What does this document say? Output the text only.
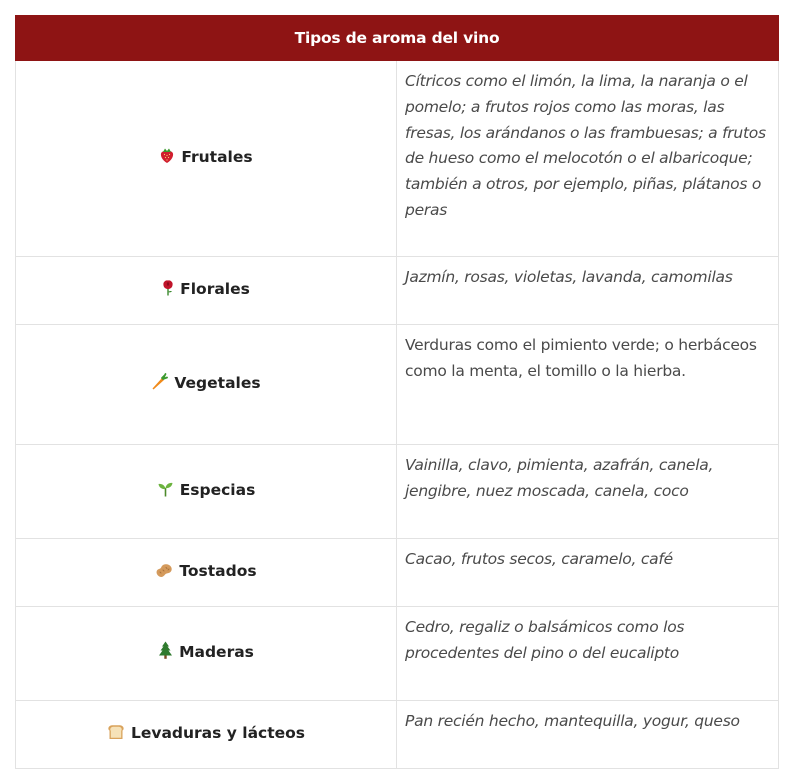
Tipos de aroma del vino	
Frutales	Cítricos como el limón, la lima, la naranja o el pomelo; a frutos rojos como las moras, las fresas, los arándanos o las frambuesas; a frutos de hueso como el melocotón o el albaricoque; también a otros, por ejemplo, piñas, plátanos o peras

Florales	Jazmín, rosas, violetas, lavanda, camomilas

Vegetales	Verduras como el pimiento verde; o herbáceos como la menta, el tomillo o la hierba.

Especias	Vainilla, clavo, pimienta, azafrán, canela, jengibre, nuez moscada, canela, coco

Tostados	Cacao, frutos secos, caramelo, café

Maderas	Cedro, regaliz o balsámicos como los procedentes del pino o del eucalipto

Levaduras y lácteos	Pan recién hecho, mantequilla, yogur, queso
